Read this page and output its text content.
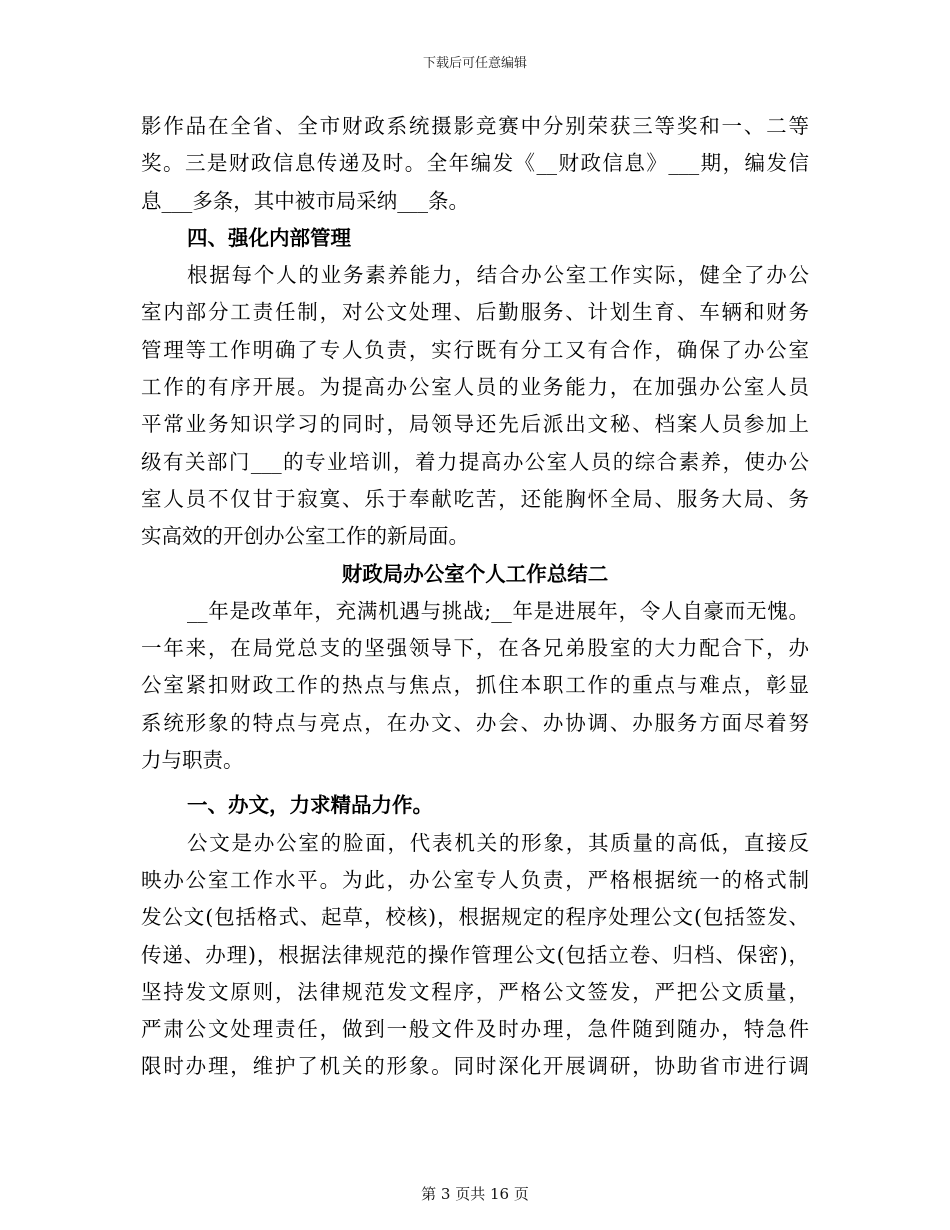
下载后可任意编辑
影作品在全省、全市财政系统摄影竞赛中分别荣获三等奖和一、二等
奖。三是财政信息传递及时。全年编发《__财政信息》___期，编发信
息___多条，其中被市局采纳___条。
四、强化内部管理
根据每个人的业务素养能力，结合办公室工作实际，健全了办公
室内部分工责任制，对公文处理、后勤服务、计划生育、车辆和财务
管理等工作明确了专人负责，实行既有分工又有合作，确保了办公室
工作的有序开展。为提高办公室人员的业务能力，在加强办公室人员
平常业务知识学习的同时，局领导还先后派出文秘、档案人员参加上
级有关部门___的专业培训，着力提高办公室人员的综合素养，使办公
室人员不仅甘于寂寞、乐于奉献吃苦，还能胸怀全局、服务大局、务
实高效的开创办公室工作的新局面。
财政局办公室个人工作总结二
__年是改革年，充满机遇与挑战;__年是进展年，令人自豪而无愧。
一年来，在局党总支的坚强领导下，在各兄弟股室的大力配合下，办
公室紧扣财政工作的热点与焦点，抓住本职工作的重点与难点，彰显
系统形象的特点与亮点，在办文、办会、办协调、办服务方面尽着努
力与职责。
一、办文，力求精品力作。
公文是办公室的脸面，代表机关的形象，其质量的高低，直接反
映办公室工作水平。为此，办公室专人负责，严格根据统一的格式制
发公文(包括格式、起草，校核)，根据规定的程序处理公文(包括签发、
传递、办理)，根据法律规范的操作管理公文(包括立卷、归档、保密)，
坚持发文原则，法律规范发文程序，严格公文签发，严把公文质量，
严肃公文处理责任，做到一般文件及时办理，急件随到随办，特急件
限时办理，维护了机关的形象。同时深化开展调研，协助省市进行调
第 3 页共 16 页
